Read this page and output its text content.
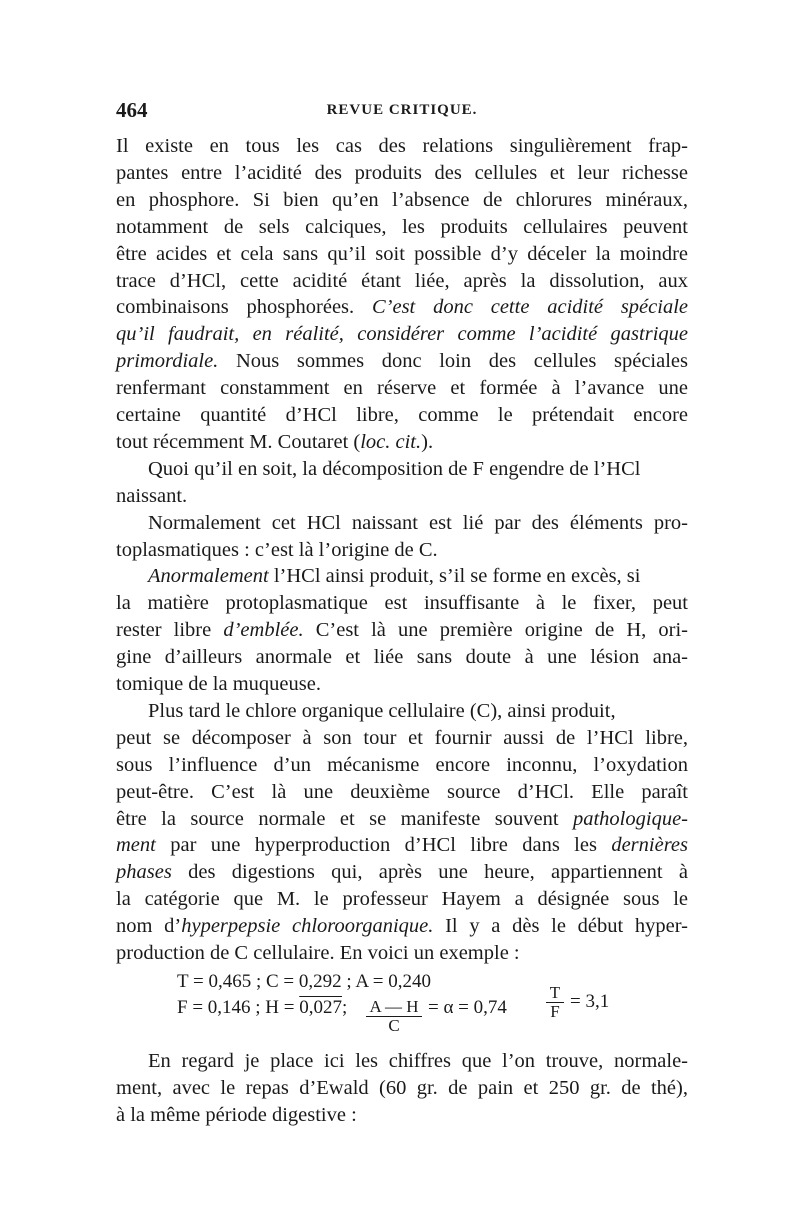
464	REVUE CRITIQUE.
Il existe en tous les cas des relations singulièrement frap-
pantes entre l’acidité des produits des cellules et leur richesse
en phosphore. Si bien qu’en l’absence de chlorures minéraux,
notamment de sels calciques, les produits cellulaires peuvent
être acides et cela sans qu’il soit possible d’y déceler la moindre
trace d’HCl, cette acidité étant liée, après la dissolution, aux
combinaisons phosphorées. C’est donc cette acidité spéciale
qu’il faudrait, en réalité, considérer comme l’acidité gastrique
primordiale. Nous sommes donc loin des cellules spéciales
renfermant constamment en réserve et formée à l’avance une
certaine quantité d’HCl libre, comme le prétendait encore
tout récemment M. Coutaret (loc. cit.).
Quoi qu’il en soit, la décomposition de F engendre de l’HCl
naissant.
Normalement cet HCl naissant est lié par des éléments pro-
toplasmatiques : c’est là l’origine de C.
Anormalement l’HCl ainsi produit, s’il se forme en excès, si
la matière protoplasmatique est insuffisante à le fixer, peut
rester libre d’emblée. C’est là une première origine de H, ori-
gine d’ailleurs anormale et liée sans doute à une lésion ana-
tomique de la muqueuse.
Plus tard le chlore organique cellulaire (C), ainsi produit,
peut se décomposer à son tour et fournir aussi de l’HCl libre,
sous l’influence d’un mécanisme encore inconnu, l’oxydation
peut-être. C’est là une deuxième source d’HCl. Elle paraît
être la source normale et se manifeste souvent pathologique-
ment par une hyperproduction d’HCl libre dans les dernières
phases des digestions qui, après une heure, appartiennent à
la catégorie que M. le professeur Hayem a désignée sous le
nom d’hyperpepsie chloroorganique. Il y a dès le début hyper-
production de C cellulaire. En voici un exemple :
T = 0,465 ; C = 0,292 ; A = 0,240
F = 0,146 ; H = 0,027; $\frac{A — H}{C} = \alpha = 0,74 \frac{T}{F} = 3,1$
En regard je place ici les chiffres que l’on trouve, normale-
ment, avec le repas d’Ewald (60 gr. de pain et 250 gr. de thé),
à la même période digestive :
